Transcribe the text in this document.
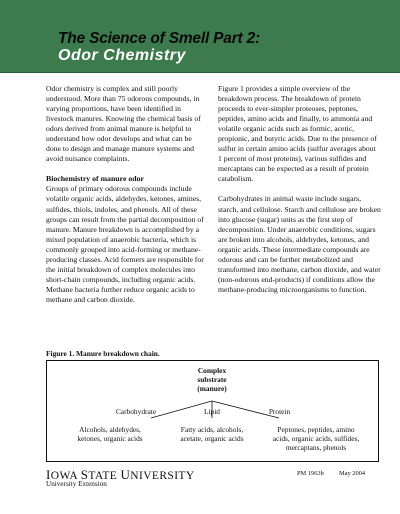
The Science of Smell Part 2:
Odor Chemistry

Odor chemistry is complex and still poorly understood. More than 75 odorous compounds, in varying proportions, have been identified in livestock manures. Knowing the chemical basis of odors derived from animal manure is helpful to understand how odor develops and what can be done to design and manage manure systems and avoid nuisance complaints.

Biochemistry of manure odor

Groups of primary odorous compounds include volatile organic acids, aldehydes, ketones, amines, sulfides, thiols, indoles, and phenols. All of these groups can result from the partial decomposition of manure. Manure breakdown is accomplished by a mixed population of anaerobic bacteria, which is commonly grouped into acid-forming or methane-producing classes. Acid formers are responsible for the initial breakdown of complex molecules into short-chain compounds, including organic acids. Methane bacteria further reduce organic acids to methane and carbon dioxide.

Figure 1 provides a simple overview of the breakdown process. The breakdown of protein proceeds to ever-simpler proteoses, peptones, peptides, amino acids and finally, to ammonia and volatile organic acids such as formic, acetic, propionic, and butyric acids. Due to the presence of sulfur in certain amino acids (sulfur averages about 1 percent of most proteins), various sulfides and mercaptans can be expected as a result of protein catabolism.

Carbohydrates in animal waste include sugars, starch, and cellulose. Starch and cellulose are broken into glucose (sugar) units as the first step of decomposition. Under anaerobic conditions, sugars are broken into alcohols, aldehydes, ketones, and organic acids. These intermediate compounds are odorous and can be further metabolized and transformed into methane, carbon dioxide, and water (non-odorous end-products) if conditions allow the methane-producing microorganisms to function.

Figure 1. Manure breakdown chain.
Complex
substrate
(manure)
Carbohydrate
Alcohols, aldehydes,
ketones, organic acids
Lipid
Fatty acids, alcohols,
acetate, organic acids
Protein
Peptones, peptides, amino
acids, organic acids, sulfides,
mercaptans, phenols
IOWA STATE UNIVERSITY
University Extension
PM 1963b May 2004
